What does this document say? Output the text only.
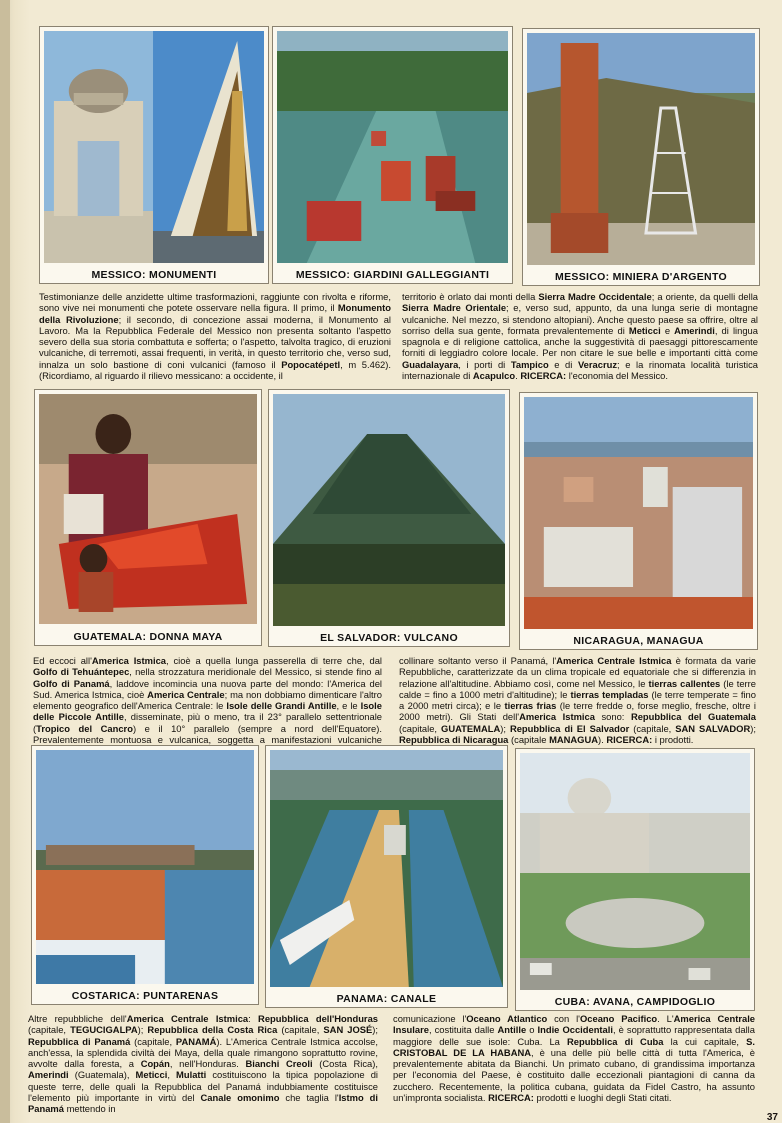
MESSICO: MONUMENTI	MESSICO: GIARDINI GALLEGGIANTI	MESSICO: MINIERA D'ARGENTO
Testimonianze delle anzidette ultime trasformazioni, raggiunte con rivolta e riforme, sono vive nei monumenti che potete osservare nella figura. Il primo, il Monumento della Rivoluzione; il secondo, di concezione assai moderna, il Monumento al Lavoro. Ma la Repubblica Federale del Messico non presenta soltanto l'aspetto severo della sua storia combattuta e sofferta; o l'aspetto, talvolta tragico, di eruzioni vulcaniche, di terremoti, assai frequenti, in verità, in questo territorio che, verso sud, innalza un solo bastione di coni vulcanici (famoso il Popocatépetl, m 5.462). (Ricordiamo, al riguardo il rilievo messicano: a occidente, il
territorio è orlato dai monti della Sierra Madre Occidentale; a oriente, da quelli della Sierra Madre Orientale; e, verso sud, appunto, da una lunga serie di montagne vulcaniche. Nel mezzo, si stendono altopiani). Anche questo paese sa offrire, oltre al sorriso della sua gente, formata prevalentemente di Meticci e Amerindi, di lingua spagnola e di religione cattolica, anche la suggestività di paesaggi pittorescamente forniti di leggiadro colore locale. Per non citare le sue belle e importanti città come Guadalayara, i porti di Tampico e di Veracruz; e la rinomata località turistica internazionale di Acapulco. RICERCA: l'economia del Messico.
GUATEMALA: DONNA MAYA	EL SALVADOR: VULCANO	NICARAGUA, MANAGUA
Ed eccoci all'America Istmica, cioè a quella lunga passerella di terre che, dal Golfo di Tehuántepec, nella strozzatura meridionale del Messico, si stende fino al Golfo di Panamá, laddove incomincia una nuova parte del mondo: l'America del Sud. America Istmica, cioè America Centrale; ma non dobbiamo dimenticare l'altro elemento geografico dell'America Centrale: le Isole delle Grandi Antille, e le Isole delle Piccole Antille, disseminate, più o meno, tra il 23° parallelo settentrionale (Tropico del Cancro) e il 10° parallelo (sempre a nord dell'Equatore). Prevalentemente montuosa e vulcanica, soggetta a manifestazioni vulcaniche
collinare soltanto verso il Panamá, l'America Centrale Istmica è formata da varie Repubbliche, caratterizzate da un clima tropicale ed equatoriale che si differenzia in relazione all'altitudine. Abbiamo così, come nel Messico, le tierras callentes (le terre calde = fino a 1000 metri d'altitudine); le tierras templadas (le terre temperate = fino a 2000 metri circa); e le tierras frias (le terre fredde o, forse meglio, fresche, oltre i 2000 metri). Gli Stati dell'America Istmica sono: Repubblica del Guatemala (capitale, GUATEMALA); Repubblica di El Salvador (capitale, SAN SALVADOR); Repubblica di Nicaragua (capitale MANAGUA). RICERCA: i prodotti.
COSTARICA: PUNTARENAS	PANAMA: CANALE	CUBA: AVANA, CAMPIDOGLIO
Altre repubbliche dell'America Centrale Istmica: Repubblica dell'Honduras (capitale, TEGUCIGALPA); Repubblica della Costa Rica (capitale, SAN JOSÉ); Repubblica di Panamá (capitale, PANAMÁ). L'America Centrale Istmica accolse, anch'essa, la splendida civiltà dei Maya, della quale rimangono soprattutto rovine, avvolte dalla foresta, a Copán, nell'Honduras. Bianchi Creoli (Costa Rica), Amerindi (Guatemala), Meticci, Mulatti costituiscono la tipica popolazione di queste terre, delle quali la Repubblica del Panamá indubbiamente costituisce l'elemento più importante in virtù del Canale omonimo che taglia l'Istmo di Panamá mettendo in
comunicazione l'Oceano Atlantico con l'Oceano Pacifico. L'America Centrale Insulare, costituita dalle Antille o Indie Occidentali, è soprattutto rappresentata dalla maggiore delle sue isole: Cuba. La Repubblica di Cuba la cui capitale, S. CRISTOBAL DE LA HABANA, è una delle più belle città di tutta l'America, è prevalentemente abitata da Bianchi. Un primato cubano, di grandissima importanza per l'economia del Paese, è costituito dalle eccezionali piantagioni di canna da zucchero. Recentemente, la politica cubana, guidata da Fidel Castro, ha assunto un'impronta socialista. RICERCA: prodotti e luoghi degli Stati citati.
37
